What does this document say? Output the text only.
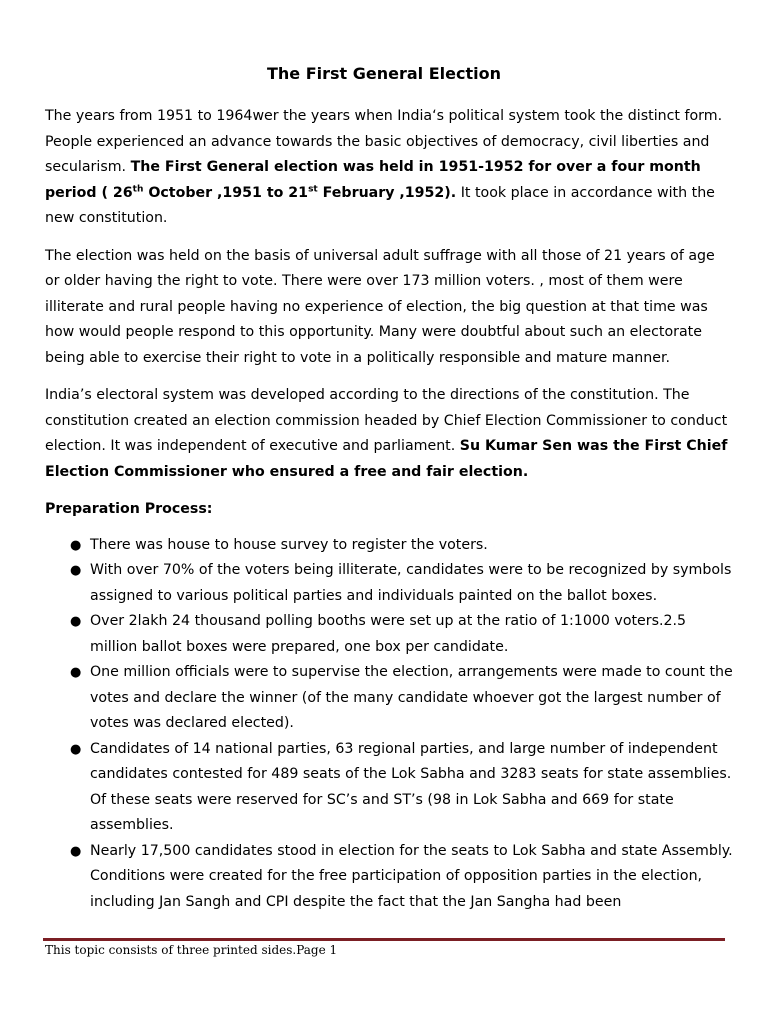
The First General Election

The years from 1951 to 1964wer the years when India‘s political system took the distinct form. People experienced an advance towards the basic objectives of democracy, civil liberties and secularism. The First General election was held in 1951-1952 for over a four month period ( 26th October ,1951 to 21st February ,1952). It took place in accordance with the new constitution.

The election was held on the basis of universal adult suffrage with all those of 21 years of age or older having the right to vote. There were over 173 million voters. , most of them were illiterate and rural people having no experience of election, the big question at that time was how would people respond to this opportunity. Many were doubtful about such an electorate being able to exercise their right to vote in a politically responsible and mature manner.

India’s electoral system was developed according to the directions of the constitution. The constitution created an election commission headed by Chief Election Commissioner to conduct election. It was independent of executive and parliament. Su Kumar Sen was the First Chief Election Commissioner who ensured a free and fair election.

Preparation Process:

● There was house to house survey to register the voters.
● With over 70% of the voters being illiterate, candidates were to be recognized by symbols assigned to various political parties and individuals painted on the ballot boxes.
● Over 2lakh 24 thousand polling booths were set up at the ratio of 1:1000 voters.2.5 million ballot boxes were prepared, one box per candidate.
● One million officials were to supervise the election, arrangements were made to count the votes and declare the winner (of the many candidate whoever got the largest number of votes was declared elected).
● Candidates of 14 national parties, 63 regional parties, and large number of independent candidates contested for 489 seats of the Lok Sabha and 3283 seats for state assemblies. Of these seats were reserved for SC’s and ST’s (98 in Lok Sabha and 669 for state assemblies.
● Nearly 17,500 candidates stood in election for the seats to Lok Sabha and state Assembly. Conditions were created for the free participation of opposition parties in the election, including Jan Sangh and CPI despite the fact that the Jan Sangha had been
This topic consists of three printed sides.Page 1
